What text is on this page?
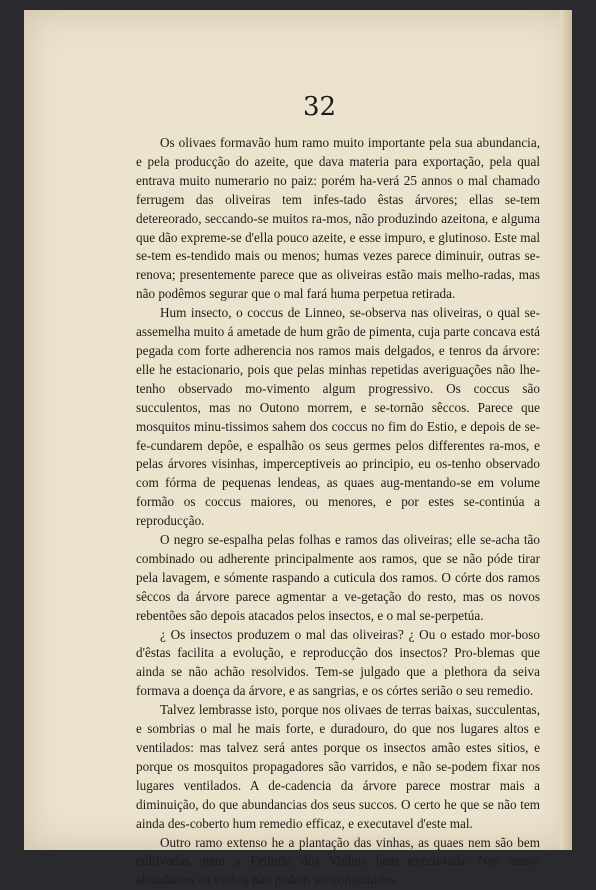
32

Os olivaes formavão hum ramo muito importante pela sua abundancia, e pela producção do azeite, que dava materia para exportação, pela qual entrava muito numerario no paiz: porém ha-verá 25 annos o mal chamado ferrugem das oliveiras tem infes-tado êstas árvores; ellas se-tem detereorado, seccando-se muitos ra-mos, não produzindo azeitona, e alguma que dão expreme-se d'ella pouco azeite, e esse impuro, e glutinoso. Este mal se-tem es-tendido mais ou menos; humas vezes parece diminuir, outras se-renova; presentemente parece que as oliveiras estão mais melho-radas, mas não podêmos segurar que o mal fará huma perpetua retirada.

Hum insecto, o coccus de Linneo, se-observa nas oliveiras, o qual se-assemelha muito á ametade de hum grão de pimenta, cuja parte concava está pegada com forte adherencia nos ramos mais delgados, e tenros da árvore: elle he estacionario, pois que pelas minhas repetidas averiguações não lhe-tenho observado mo-vimento algum progressivo. Os coccus são succulentos, mas no Outono morrem, e se-tornão sêccos. Parece que mosquitos minu-tissimos sahem dos coccus no fim do Estio, e depois de se-fe-cundarem depôe, e espalhão os seus germes pelos differentes ra-mos, e pelas árvores visinhas, imperceptiveis ao principio, eu os-tenho observado com fórma de pequenas lendeas, as quaes aug-mentando-se em volume formão os coccus maiores, ou menores, e por estes se-continúa a reproducção.

O negro se-espalha pelas folhas e ramos das oliveiras; elle se-acha tão combinado ou adherente principalmente aos ramos, que se não póde tirar pela lavagem, e sómente raspando a cuticula dos ramos. O córte dos ramos sêccos da árvore parece agmentar a ve-getação do resto, mas os novos rebentões são depois atacados pelos insectos, e o mal se-perpetúa.

¿ Os insectos produzem o mal das oliveiras? ¿ Ou o estado mor-boso d'êstas facilita a evolução, e reproducção dos insectos? Pro-blemas que ainda se não achão resolvidos. Tem-se julgado que a plethora da seiva formava a doença da árvore, e as sangrias, e os córtes serião o seu remedio.

Talvez lembrasse isto, porque nos olivaes de terras baixas, succulentas, e sombrias o mal he mais forte, e duradouro, do que nos lugares altos e ventilados: mas talvez será antes porque os insectos amão estes sitios, e porque os mosquitos propagadores são varridos, e não se-podem fixar nos lugares ventilados. A de-cadencia da árvore parece mostrar mais a diminuição, do que abundancias dos seus succos. O certo he que se não tem ainda des-coberto hum remedio efficaz, e executavel d'este mal.

Outro ramo extenso he a plantação das vinhas, as quaes nem são bem cultivadas, nem a Feitoria dos Vinhos bem execu-tada. Nos annos abundantes os vinhos não podem ser consumidos
